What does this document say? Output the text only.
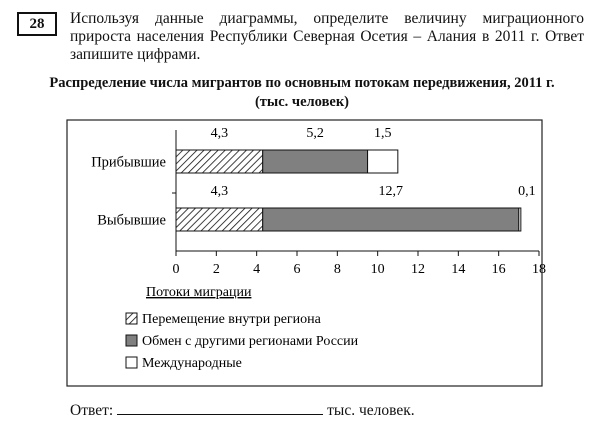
28	Используя данные диаграммы, определите величину миграционного прироста населения Республики Северная Осетия – Алания в 2011 г. Ответ запишите цифрами.
Распределение числа мигрантов по основным потокам передвижения, 2011 г. (тыс. человек)
0 2 4 6 8 10 12 14 16 18
Прибывшие
4,3	5,2	1,5
Выбывшие
4,3	12,7	0,1
Потоки миграции
Перемещение внутри региона
Обмен с другими регионами России
Международные
Ответ:	тыс. человек.
